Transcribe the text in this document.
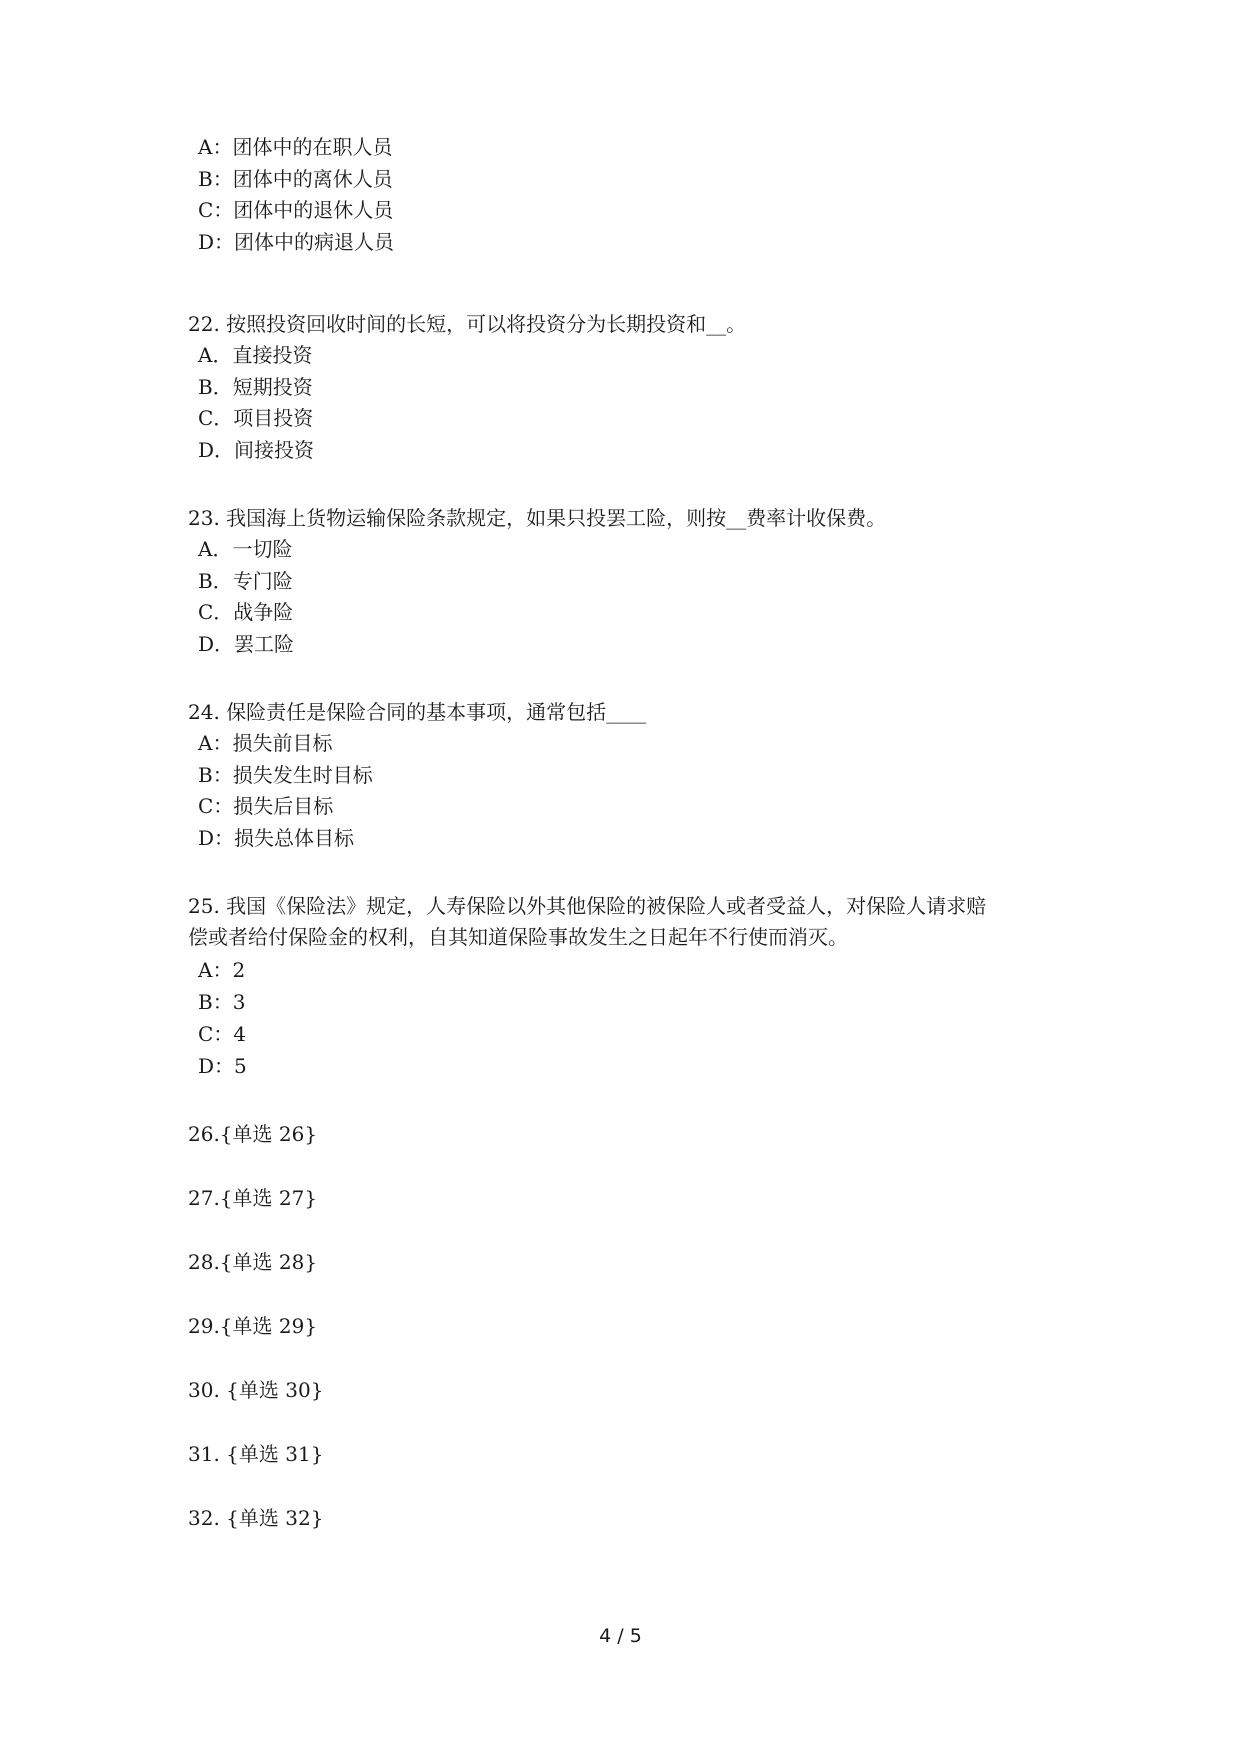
A：团体中的在职人员
B：团体中的离休人员
C：团体中的退休人员
D：团体中的病退人员
22. 按照投资回收时间的长短，可以将投资分为长期投资和__。
A．直接投资
B．短期投资
C．项目投资
D．间接投资
23. 我国海上货物运输保险条款规定，如果只投罢工险，则按__费率计收保费。
A．一切险
B．专门险
C．战争险
D．罢工险
24. 保险责任是保险合同的基本事项，通常包括____
A：损失前目标
B：损失发生时目标
C：损失后目标
D：损失总体目标
25. 我国《保险法》规定，人寿保险以外其他保险的被保险人或者受益人，对保险人请求赔
偿或者给付保险金的权利，自其知道保险事故发生之日起年不行使而消灭。
A：2
B：3
C：4
D：5
26.{单选 26}
27.{单选 27}
28.{单选 28}
29.{单选 29}
30. {单选 30}
31. {单选 31}
32. {单选 32}
4 / 5
